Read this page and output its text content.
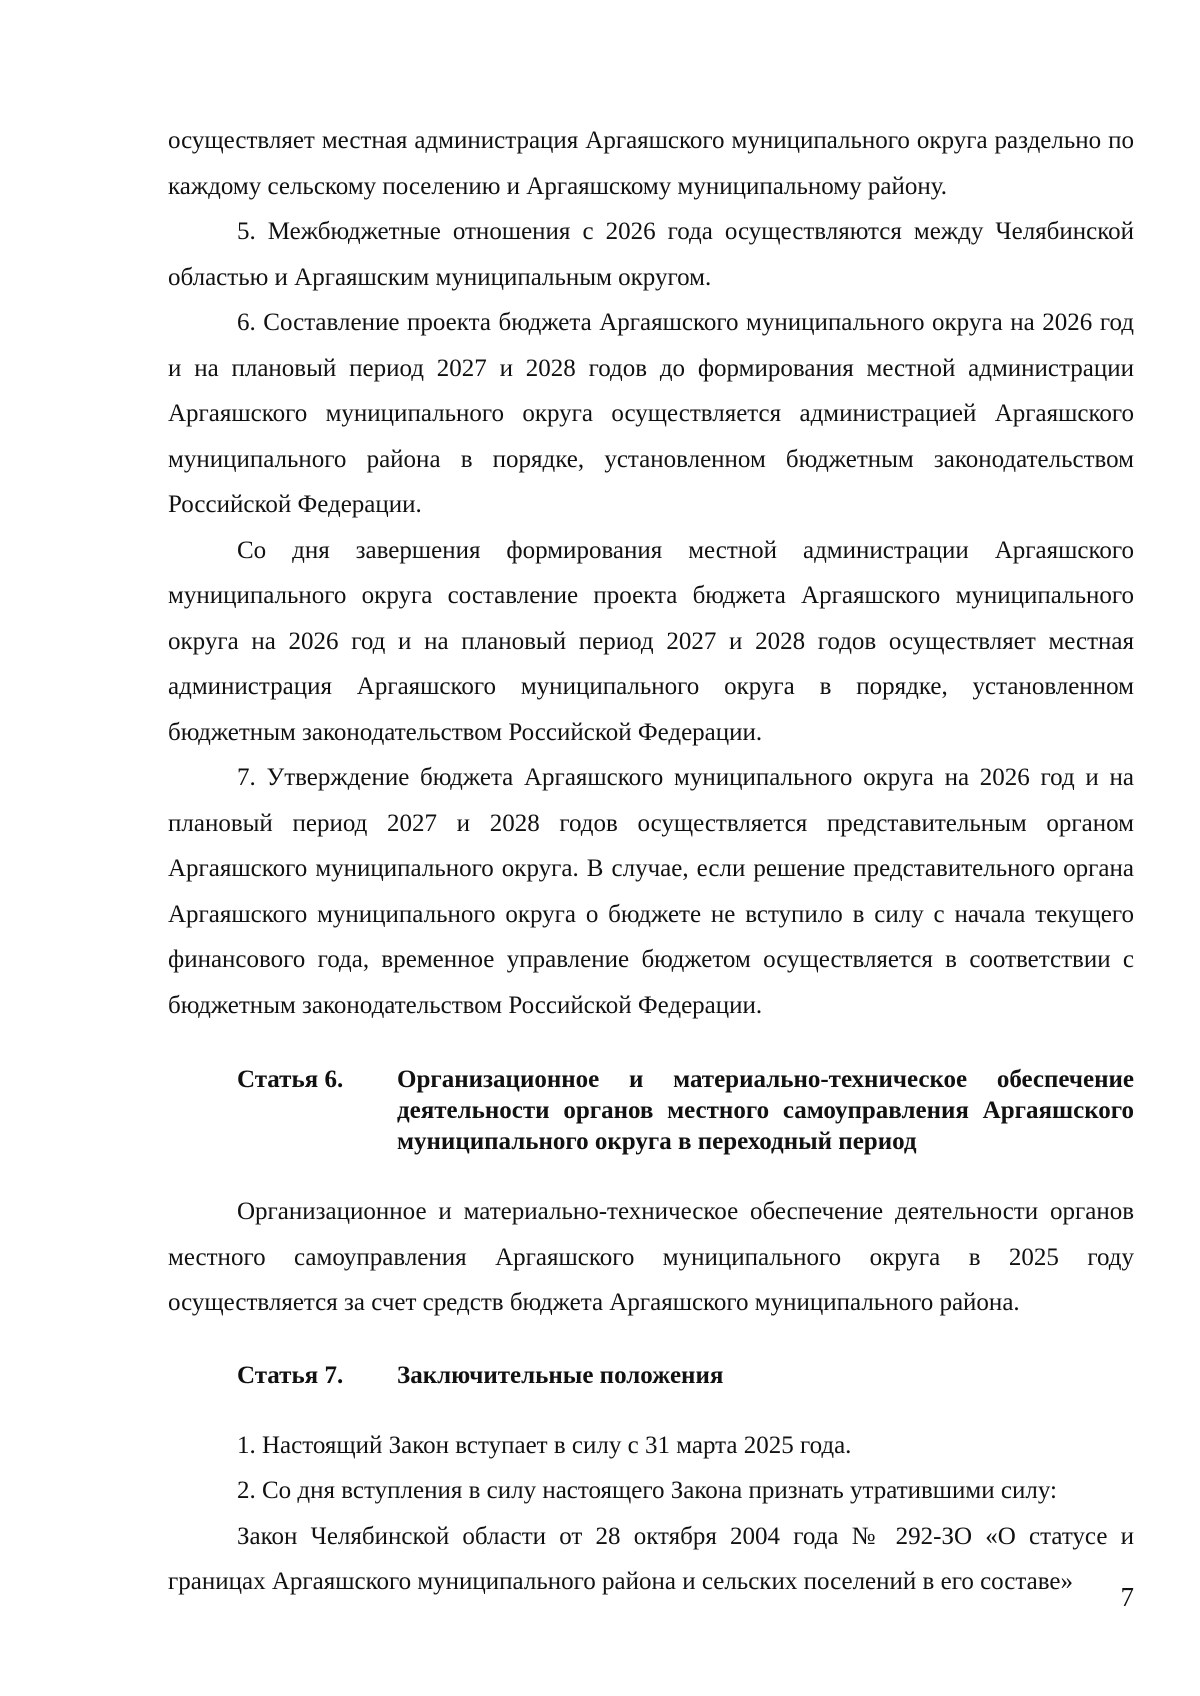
осуществляет местная администрация Аргаяшского муниципального округа раздельно по каждому сельскому поселению и Аргаяшскому муниципальному району.

5. Межбюджетные отношения с 2026 года осуществляются между Челябинской областью и Аргаяшским муниципальным округом.

6. Составление проекта бюджета Аргаяшского муниципального округа на 2026 год и на плановый период 2027 и 2028 годов до формирования местной администрации Аргаяшского муниципального округа осуществляется администрацией Аргаяшского муниципального района в порядке, установленном бюджетным законодательством Российской Федерации.

Со дня завершения формирования местной администрации Аргаяшского муниципального округа составление проекта бюджета Аргаяшского муниципального округа на 2026 год и на плановый период 2027 и 2028 годов осуществляет местная администрация Аргаяшского муниципального округа в порядке, установленном бюджетным законодательством Российской Федерации.

7. Утверждение бюджета Аргаяшского муниципального округа на 2026 год и на плановый период 2027 и 2028 годов осуществляется представительным органом Аргаяшского муниципального округа. В случае, если решение представительного органа Аргаяшского муниципального округа о бюджете не вступило в силу с начала текущего финансового года, временное управление бюджетом осуществляется в соответствии с бюджетным законодательством Российской Федерации.

Статья 6.	Организационное и материально-техническое обеспечение деятельности органов местного самоуправления Аргаяшского муниципального округа в переходный период

Организационное и материально-техническое обеспечение деятельности органов местного самоуправления Аргаяшского муниципального округа в 2025 году осуществляется за счет средств бюджета Аргаяшского муниципального района.

Статья 7.	Заключительные положения

1. Настоящий Закон вступает в силу с 31 марта 2025 года.

2. Со дня вступления в силу настоящего Закона признать утратившими силу:

Закон Челябинской области от 28 октября 2004 года № 292-ЗО «О статусе и границах Аргаяшского муниципального района и сельских поселений в его составе»

7
